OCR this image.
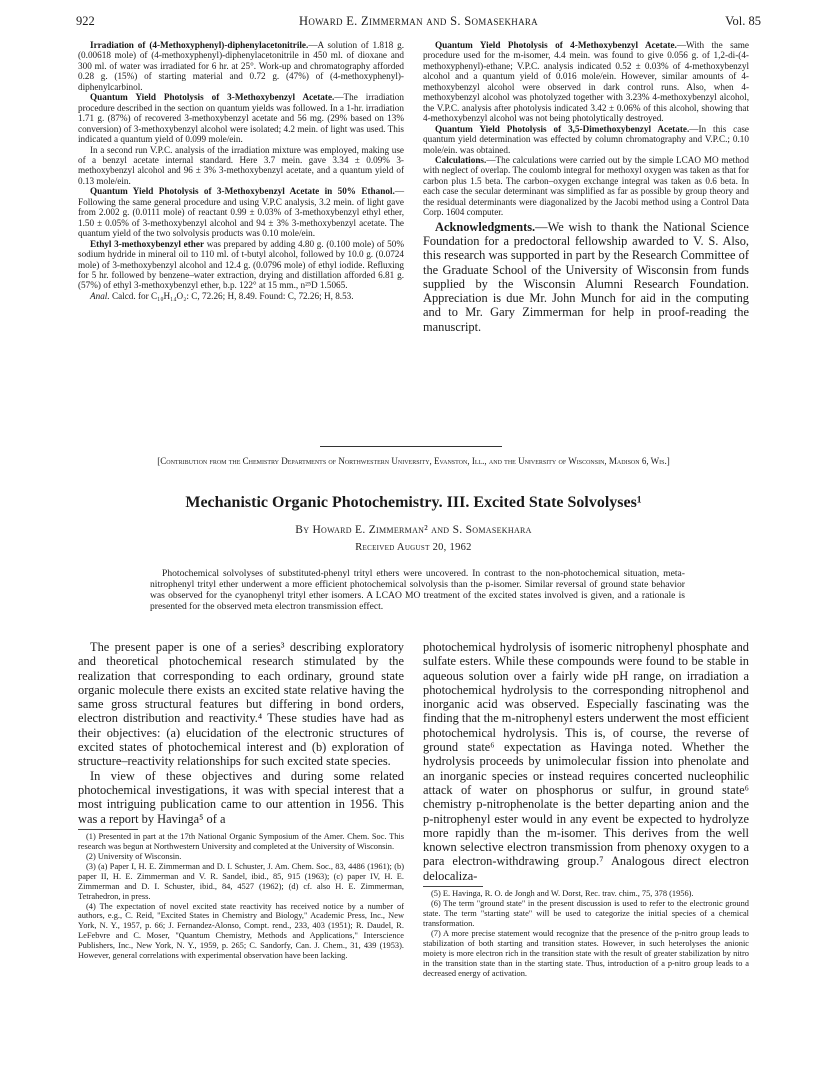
922	Howard E. Zimmerman and S. Somasekhara	Vol. 85

Irradiation of (4-Methoxyphenyl)-diphenylacetonitrile.—A solution of 1.818 g. (0.00618 mole) of (4-methoxyphenyl)-diphenylacetonitrile in 450 ml. of dioxane and 300 ml. of water was irradiated for 6 hr. at 25°. Work-up and chromatography afforded 0.28 g. (15%) of starting material and 0.72 g. (47%) of (4-methoxyphenyl)-diphenylcarbinol.

Quantum Yield Photolysis of 3-Methoxybenzyl Acetate.—The irradiation procedure described in the section on quantum yields was followed. In a 1-hr. irradiation 1.71 g. (87%) of recovered 3-methoxybenzyl acetate and 56 mg. (29% based on 13% conversion) of 3-methoxybenzyl alcohol were isolated; 4.2 mein. of light was used. This indicated a quantum yield of 0.099 mole/ein.

In a second run V.P.C. analysis of the irradiation mixture was employed, making use of a benzyl acetate internal standard. Here 3.7 mein. gave 3.34 ± 0.09% 3-methoxybenzyl alcohol and 96 ± 3% 3-methoxybenzyl acetate, and a quantum yield of 0.13 mole/ein.

Quantum Yield Photolysis of 3-Methoxybenzyl Acetate in 50% Ethanol.—Following the same general procedure and using V.P.C analysis, 3.2 mein. of light gave from 2.002 g. (0.0111 mole) of reactant 0.99 ± 0.03% of 3-methoxybenzyl ethyl ether, 1.50 ± 0.05% of 3-methoxybenzyl alcohol and 94 ± 3% 3-methoxybenzyl acetate. The quantum yield of the two solvolysis products was 0.10 mole/ein.

Ethyl 3-methoxybenzyl ether was prepared by adding 4.80 g. (0.100 mole) of 50% sodium hydride in mineral oil to 110 ml. of t-butyl alcohol, followed by 10.0 g. (0.0724 mole) of 3-methoxybenzyl alcohol and 12.4 g. (0.0796 mole) of ethyl iodide. Refluxing for 5 hr. followed by benzene–water extraction, drying and distillation afforded 6.81 g. (57%) of ethyl 3-methoxybenzyl ether, b.p. 122° at 15 mm., n²⁵D 1.5065.

Anal. Calcd. for C₁₀H₁₄O₂: C, 72.26; H, 8.49. Found: C, 72.26; H, 8.53.

Quantum Yield Photolysis of 4-Methoxybenzyl Acetate.—With the same procedure used for the m-isomer, 4.4 mein. was found to give 0.056 g. of 1,2-di-(4-methoxyphenyl)-ethane; V.P.C. analysis indicated 0.52 ± 0.03% of 4-methoxybenzyl alcohol and a quantum yield of 0.016 mole/ein. However, similar amounts of 4-methoxybenzyl alcohol were observed in dark control runs. Also, when 4-methoxybenzyl alcohol was photolyzed together with 3.23% 4-methoxybenzyl alcohol, the V.P.C. analysis after photolysis indicated 3.42 ± 0.06% of this alcohol, showing that 4-methoxybenzyl alcohol was not being photolytically destroyed.

Quantum Yield Photolysis of 3,5-Dimethoxybenzyl Acetate.—In this case quantum yield determination was effected by column chromatography and V.P.C.; 0.10 mole/ein. was obtained.

Calculations.—The calculations were carried out by the simple LCAO MO method with neglect of overlap. The coulomb integral for methoxyl oxygen was taken as that for carbon plus 1.5 beta. The carbon–oxygen exchange integral was taken as 0.6 beta. In each case the secular determinant was simplified as far as possible by group theory and the residual determinants were diagonalized by the Jacobi method using a Control Data Corp. 1604 computer.

Acknowledgments.—We wish to thank the National Science Foundation for a predoctoral fellowship awarded to V. S. Also, this research was supported in part by the Research Committee of the Graduate School of the University of Wisconsin from funds supplied by the Wisconsin Alumni Research Foundation. Appreciation is due Mr. John Munch for aid in the computing and to Mr. Gary Zimmerman for help in proof-reading the manuscript.

[Contribution from the Chemistry Departments of Northwestern University, Evanston, Ill., and the University of Wisconsin, Madison 6, Wis.]
Mechanistic Organic Photochemistry. III. Excited State Solvolyses¹
By Howard E. Zimmerman² and S. Somasekhara
Received August 20, 1962
Photochemical solvolyses of substituted-phenyl trityl ethers were uncovered. In contrast to the non-photochemical situation, meta-nitrophenyl trityl ether underwent a more efficient photochemical solvolysis than the p-isomer. Similar reversal of ground state behavior was observed for the cyanophenyl trityl ether isomers. A LCAO MO treatment of the excited states involved is given, and a rationale is presented for the observed meta electron transmission effect.

The present paper is one of a series³ describing exploratory and theoretical photochemical research stimulated by the realization that corresponding to each ordinary, ground state organic molecule there exists an excited state relative having the same gross structural features but differing in bond orders, electron distribution and reactivity.⁴ These studies have had as their objectives: (a) elucidation of the electronic structures of excited states of photochemical interest and (b) exploration of structure–reactivity relationships for such excited state species.

In view of these objectives and during some related photochemical investigations, it was with special interest that a most intriguing publication came to our attention in 1956. This was a report by Havinga⁵ of a

(1) Presented in part at the 17th National Organic Symposium of the Amer. Chem. Soc. This research was begun at Northwestern University and completed at the University of Wisconsin.

(2) University of Wisconsin.

(3) (a) Paper I, H. E. Zimmerman and D. I. Schuster, J. Am. Chem. Soc., 83, 4486 (1961); (b) paper II, H. E. Zimmerman and V. R. Sandel, ibid., 85, 915 (1963); (c) paper IV, H. E. Zimmerman and D. I. Schuster, ibid., 84, 4527 (1962); (d) cf. also H. E. Zimmerman, Tetrahedron, in press.

(4) The expectation of novel excited state reactivity has received notice by a number of authors, e.g., C. Reid, "Excited States in Chemistry and Biology," Academic Press, Inc., New York, N. Y., 1957, p. 66; J. Fernandez-Alonso, Compt. rend., 233, 403 (1951); R. Daudel, R. LeFebvre and C. Moser, "Quantum Chemistry, Methods and Applications," Interscience Publishers, Inc., New York, N. Y., 1959, p. 265; C. Sandorfy, Can. J. Chem., 31, 439 (1953). However, general correlations with experimental observation have been lacking.

photochemical hydrolysis of isomeric nitrophenyl phosphate and sulfate esters. While these compounds were found to be stable in aqueous solution over a fairly wide pH range, on irradiation a photochemical hydrolysis to the corresponding nitrophenol and inorganic acid was observed. Especially fascinating was the finding that the m-nitrophenyl esters underwent the most efficient photochemical hydrolysis. This is, of course, the reverse of ground state⁶ expectation as Havinga noted. Whether the hydrolysis proceeds by unimolecular fission into phenolate and an inorganic species or instead requires concerted nucleophilic attack of water on phosphorus or sulfur, in ground state⁶ chemistry p-nitrophenolate is the better departing anion and the p-nitrophenyl ester would in any event be expected to hydrolyze more rapidly than the m-isomer. This derives from the well known selective electron transmission from phenoxy oxygen to a para electron-withdrawing group.⁷ Analogous direct electron delocaliza-

(5) E. Havinga, R. O. de Jongh and W. Dorst, Rec. trav. chim., 75, 378 (1956).

(6) The term "ground state" in the present discussion is used to refer to the electronic ground state. The term "starting state" will be used to categorize the initial species of a chemical transformation.

(7) A more precise statement would recognize that the presence of the p-nitro group leads to stabilization of both starting and transition states. However, in such heterolyses the anionic moiety is more electron rich in the transition state with the result of greater stabilization by nitro in the transition state than in the starting state. Thus, introduction of a p-nitro group leads to a decreased energy of activation.
